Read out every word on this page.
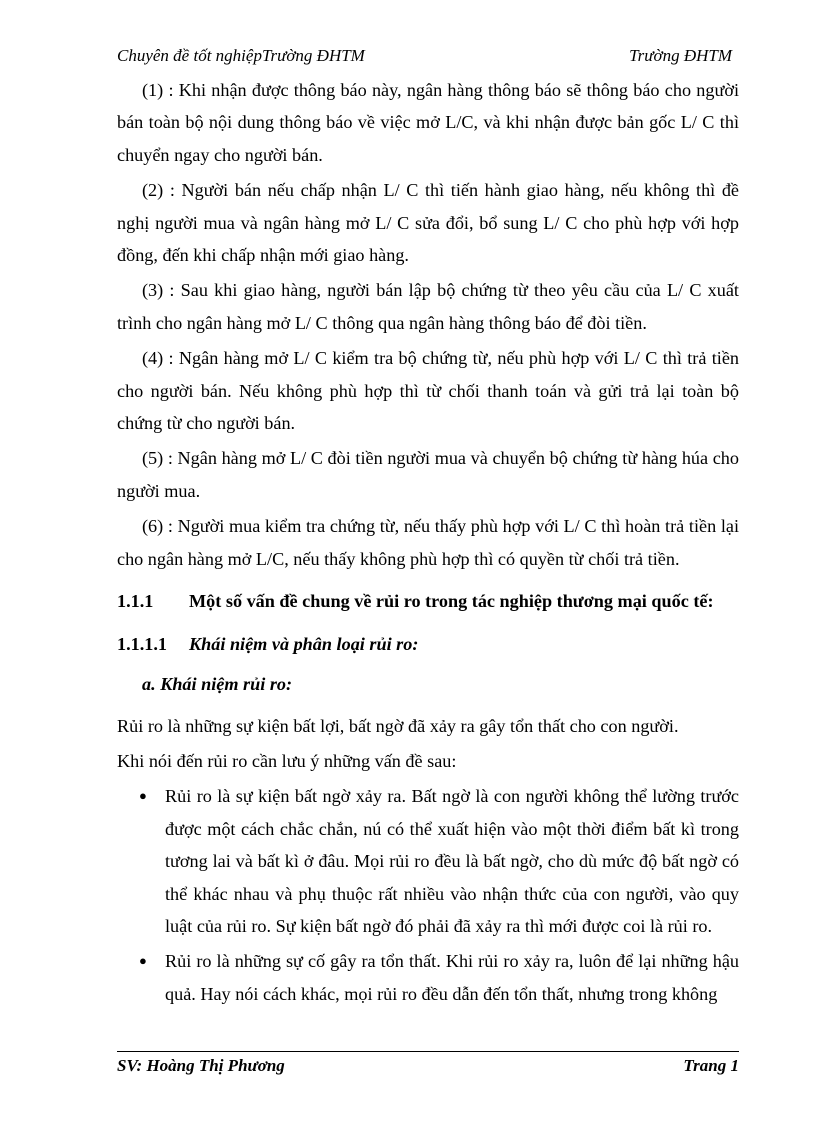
Chuyên đề tốt nghiệpTrường ĐHTM	Trường ĐHTM

(1) : Khi nhận được thông báo này, ngân hàng thông báo sẽ thông báo cho người bán toàn bộ nội dung thông báo về việc mở L/C, và khi nhận được bản gốc L/ C thì chuyển ngay cho người bán.

(2) : Người bán nếu chấp nhận L/ C thì tiến hành giao hàng, nếu không thì đề nghị người mua và ngân hàng mở L/ C sửa đổi, bổ sung L/ C cho phù hợp với hợp đồng, đến khi chấp nhận mới giao hàng.

(3) : Sau khi giao hàng, người bán lập bộ chứng từ theo yêu cầu của L/ C xuất trình cho ngân hàng mở L/ C thông qua ngân hàng thông báo để đòi tiền.

(4) : Ngân hàng mở L/ C kiểm tra bộ chứng từ, nếu phù hợp với L/ C thì trả tiền cho người bán. Nếu không phù hợp thì từ chối thanh toán và gửi trả lại toàn bộ chứng từ cho người bán.

(5) : Ngân hàng mở L/ C đòi tiền người mua và chuyển bộ chứng từ hàng húa cho người mua.

(6) : Người mua kiểm tra chứng từ, nếu thấy phù hợp với L/ C thì hoàn trả tiền lại cho ngân hàng mở L/C, nếu thấy không phù hợp thì có quyền từ chối trả tiền.

1.1.1	Một số vấn đề chung về rủi ro trong tác nghiệp thương mại quốc tế:
1.1.1.1	Khái niệm và phân loại rủi ro:
a. Khái niệm rủi ro:

Rủi ro là những sự kiện bất lợi, bất ngờ đã xảy ra gây tổn thất cho con người.

Khi nói đến rủi ro cần lưu ý những vấn đề sau:

● Rủi ro là sự kiện bất ngờ xảy ra. Bất ngờ là con người không thể lường trước được một cách chắc chắn, nú có thể xuất hiện vào một thời điểm bất kì trong tương lai và bất kì ở đâu. Mọi rủi ro đều là bất ngờ, cho dù mức độ bất ngờ có thể khác nhau và phụ thuộc rất nhiều vào nhận thức của con người, vào quy luật của rủi ro. Sự kiện bất ngờ đó phải đã xảy ra thì mới được coi là rủi ro.
● Rủi ro là những sự cố gây ra tổn thất. Khi rủi ro xảy ra, luôn để lại những hậu quả. Hay nói cách khác, mọi rủi ro đều dẫn đến tổn thất, nhưng trong không
SV: Hoàng Thị Phương	Trang 1
